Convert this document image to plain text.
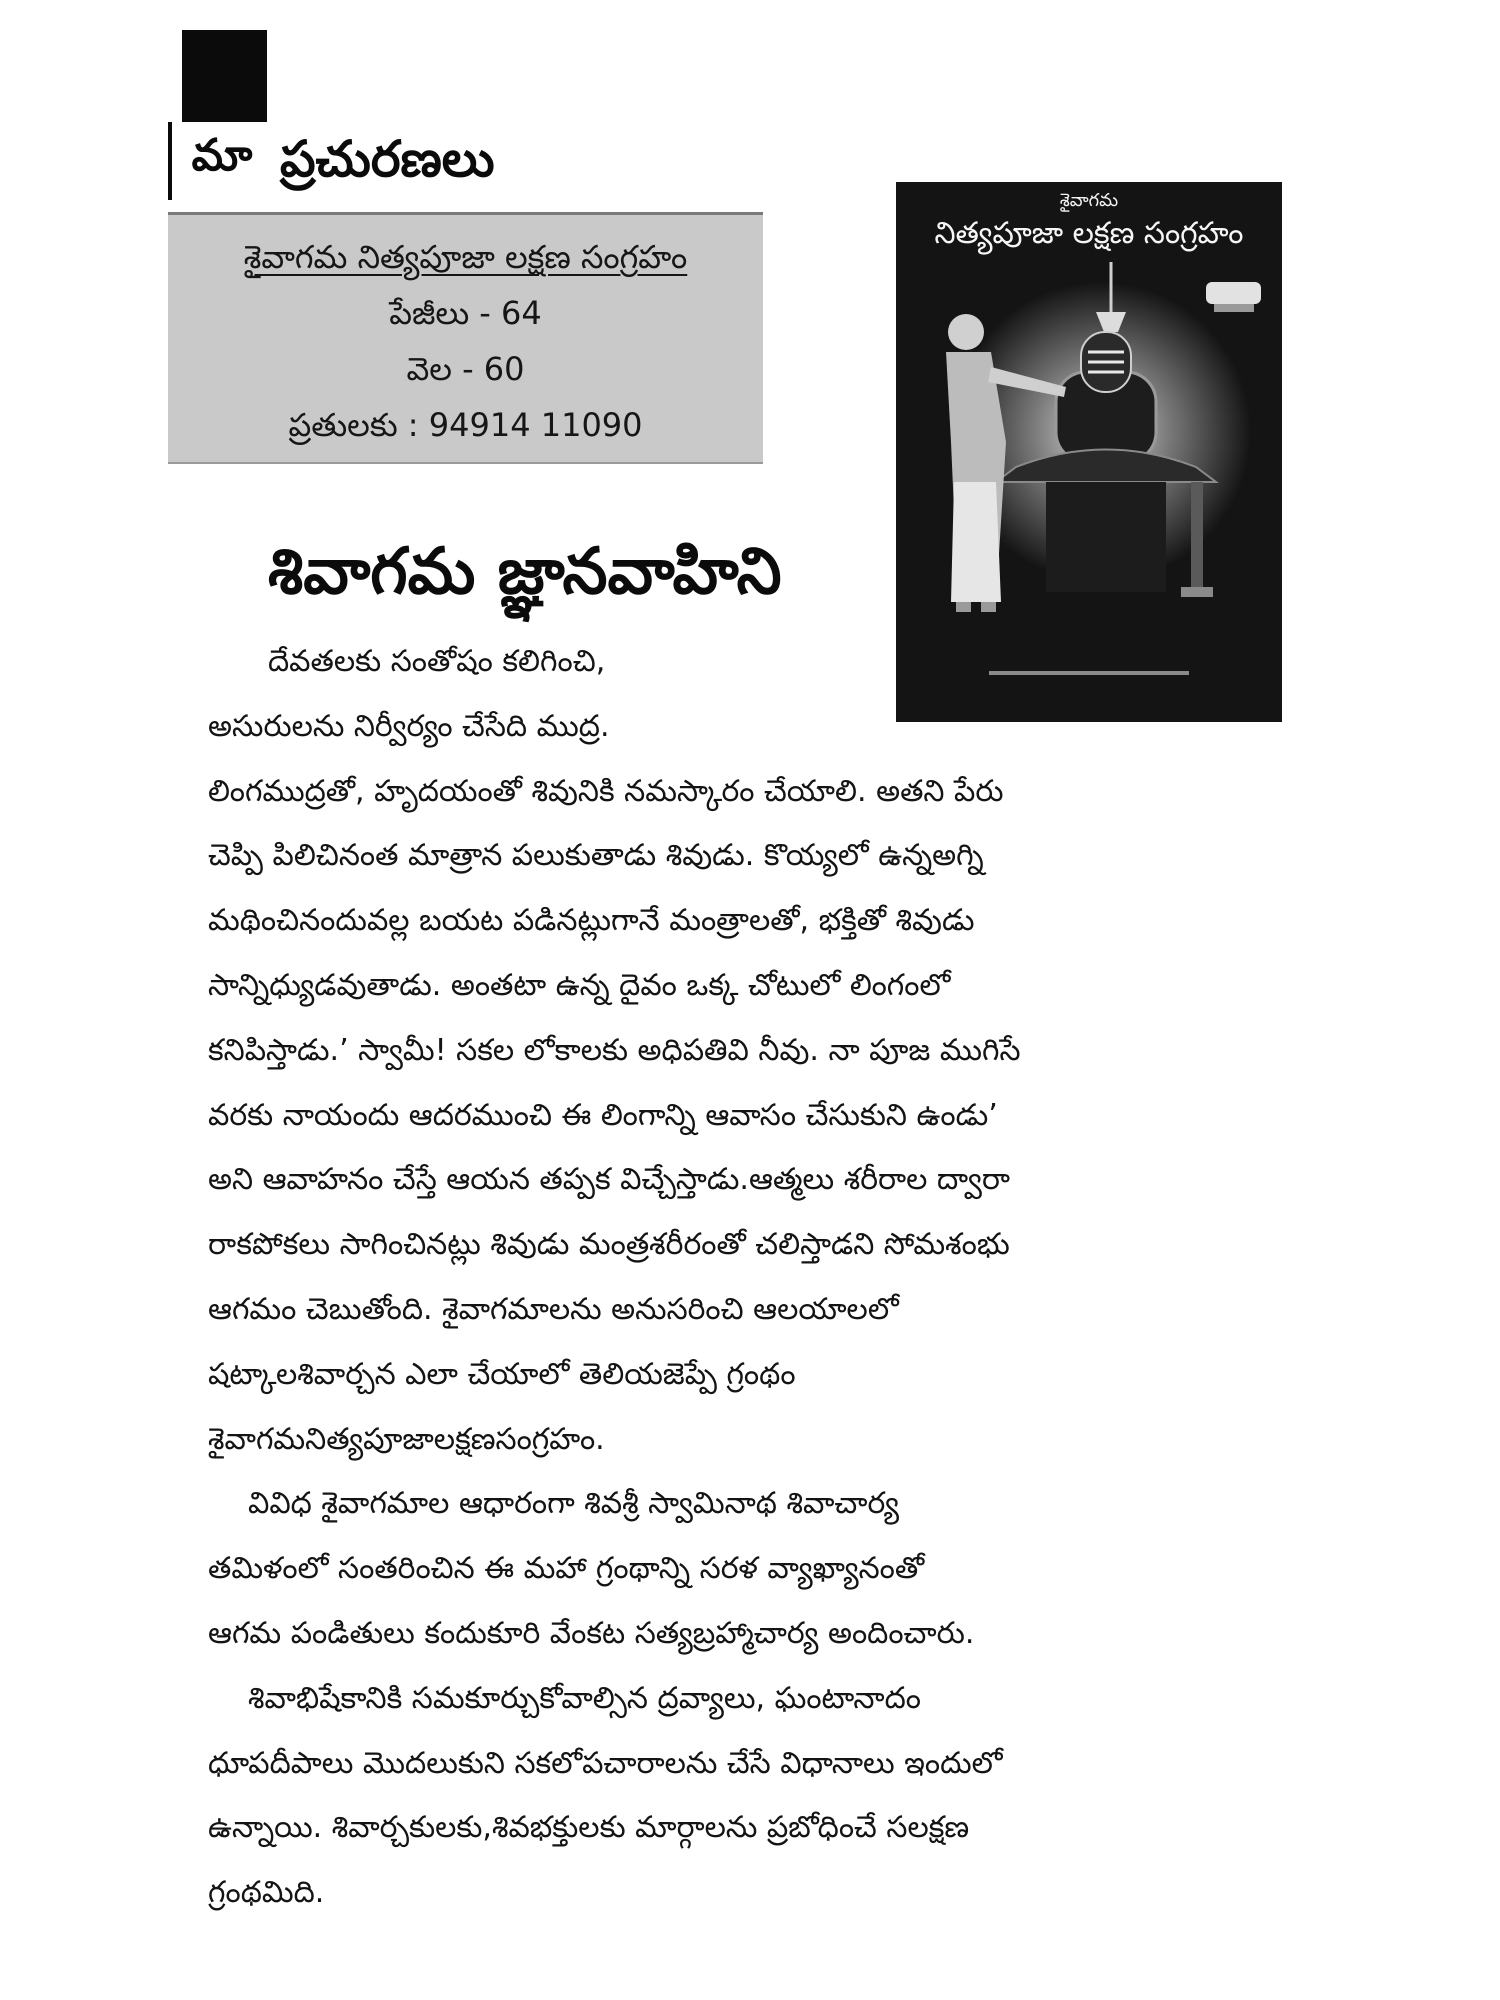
మా ప్రచురణలు
శైవాగమ నిత్యపూజా లక్షణ సంగ్రహం
పేజీలు - 64
వెల - 60
ప్రతులకు : 94914 11090
శైవాగమ
నిత్యపూజా లక్షణ సంగ్రహం
శివాగమ జ్ఞానవాహిని
దేవతలకు సంతోషం కలిగించి,
అసురులను నిర్వీర్యం చేసేది ముద్ర.
లింగముద్రతో, హృదయంతో శివునికి నమస్కారం చేయాలి. అతని పేరు
చెప్పి పిలిచినంత మాత్రాన పలుకుతాడు శివుడు. కొయ్యలో ఉన్నఅగ్ని
మథించినందువల్ల బయట పడినట్లుగానే మంత్రాలతో, భక్తితో శివుడు
సాన్నిధ్యుడవుతాడు. అంతటా ఉన్న దైవం ఒక్క చోటులో లింగంలో
కనిపిస్తాడు.’ స్వామీ! సకల లోకాలకు అధిపతివి నీవు. నా పూజ ముగిసే
వరకు నాయందు ఆదరముంచి ఈ లింగాన్ని ఆవాసం చేసుకుని ఉండు’
అని ఆవాహనం చేస్తే ఆయన తప్పక విచ్చేస్తాడు.ఆత్మలు శరీరాల ద్వారా
రాకపోకలు సాగించినట్లు శివుడు మంత్రశరీరంతో చలిస్తాడని సోమశంభు
ఆగమం చెబుతోంది. శైవాగమాలను అనుసరించి ఆలయాలలో
షట్కాలశివార్చన ఎలా చేయాలో తెలియజెప్పే గ్రంథం
శైవాగమనిత్యపూజాలక్షణసంగ్రహం.
వివిధ శైవాగమాల ఆధారంగా శివశ్రీ స్వామినాథ శివాచార్య
తమిళంలో సంతరించిన ఈ మహా గ్రంథాన్ని సరళ వ్యాఖ్యానంతో
ఆగమ పండితులు కందుకూరి వేంకట సత్యబ్రహ్మాచార్య అందించారు.
శివాభిషేకానికి సమకూర్చుకోవాల్సిన ద్రవ్యాలు, ఘంటానాదం
ధూపదీపాలు మొదలుకుని సకలోపచారాలను చేసే విధానాలు ఇందులో
ఉన్నాయి. శివార్చకులకు,శివభక్తులకు మార్గాలను ప్రబోధించే సలక్షణ
గ్రంథమిది.
